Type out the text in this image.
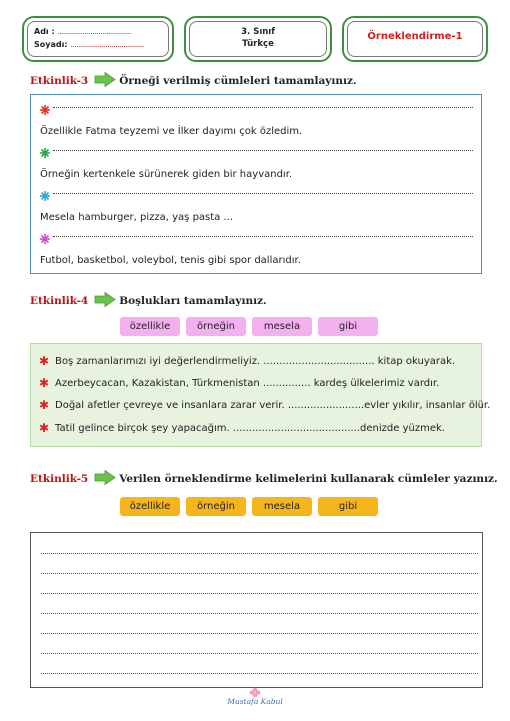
Adı : ....................................
Soyadı: ....................................
3. Sınıf
Türkçe
Örneklendirme-1
Etkinlik-3	Örneği verilmiş cümleleri tamamlayınız.
Özellikle Fatma teyzemi ve İlker dayımı çok özledim.
Örneğin kertenkele sürünerek giden bir hayvandır.
Mesela hamburger, pizza, yaş pasta ...
Futbol, basketbol, voleybol, tenis gibi spor dallarıdır.
Etkinlik-4	Boşlukları tamamlayınız.
özellikle	örneğin	mesela	gibi
✱ Boş zamanlarımızı iyi değerlendirmeliyiz. ................................... kitap okuyarak.
✱ Azerbeycacan, Kazakistan, Türkmenistan ............... kardeş ülkelerimiz vardır.
✱ Doğal afetler çevreye ve insanlara zarar verir. ........................evler yıkılır, insanlar ölür.
✱ Tatil gelince birçok şey yapacağım. ........................................denizde yüzmek.
Etkinlik-5	Verilen örneklendirme kelimelerini kullanarak cümleler yazınız.
özellikle	örneğin	mesela	gibi
Mustafa Kabul
